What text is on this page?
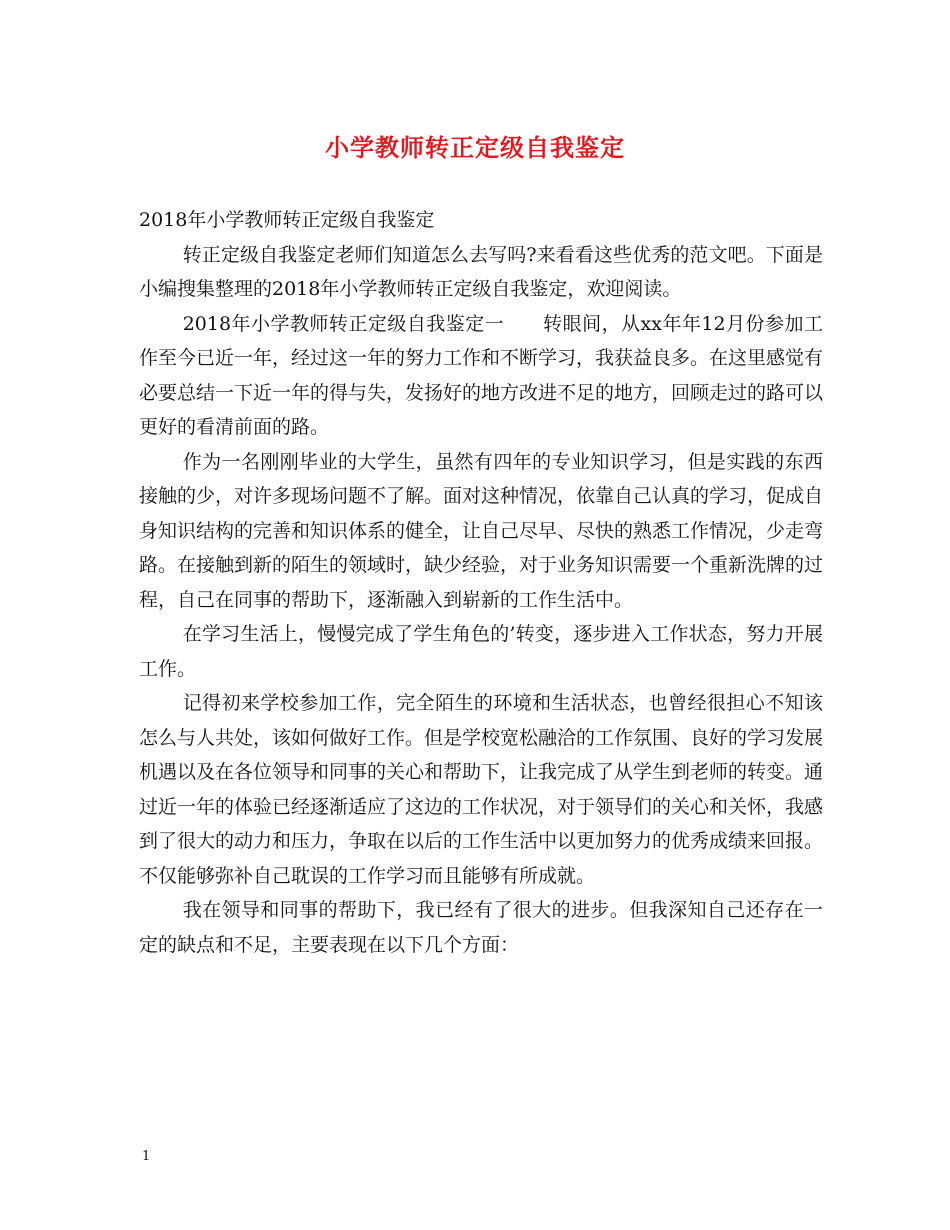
小学教师转正定级自我鉴定

2018年小学教师转正定级自我鉴定

转正定级自我鉴定老师们知道怎么去写吗?来看看这些优秀的范文吧。下面是小编搜集整理的2018年小学教师转正定级自我鉴定，欢迎阅读。

2018年小学教师转正定级自我鉴定一　　转眼间，从xx年年12月份参加工作至今已近一年，经过这一年的努力工作和不断学习，我获益良多。在这里感觉有必要总结一下近一年的得与失，发扬好的地方改进不足的地方，回顾走过的路可以更好的看清前面的路。

作为一名刚刚毕业的大学生，虽然有四年的专业知识学习，但是实践的东西接触的少，对许多现场问题不了解。面对这种情况，依靠自己认真的学习，促成自身知识结构的完善和知识体系的健全，让自己尽早、尽快的熟悉工作情况，少走弯路。在接触到新的陌生的领域时，缺少经验，对于业务知识需要一个重新洗牌的过程，自己在同事的帮助下，逐渐融入到崭新的工作生活中。

在学习生活上，慢慢完成了学生角色的’转变，逐步进入工作状态，努力开展工作。

记得初来学校参加工作，完全陌生的环境和生活状态，也曾经很担心不知该怎么与人共处，该如何做好工作。但是学校宽松融洽的工作氛围、良好的学习发展机遇以及在各位领导和同事的关心和帮助下，让我完成了从学生到老师的转变。通过近一年的体验已经逐渐适应了这边的工作状况，对于领导们的关心和关怀，我感到了很大的动力和压力，争取在以后的工作生活中以更加努力的优秀成绩来回报。不仅能够弥补自己耽误的工作学习而且能够有所成就。

我在领导和同事的帮助下，我已经有了很大的进步。但我深知自己还存在一定的缺点和不足，主要表现在以下几个方面：

1
